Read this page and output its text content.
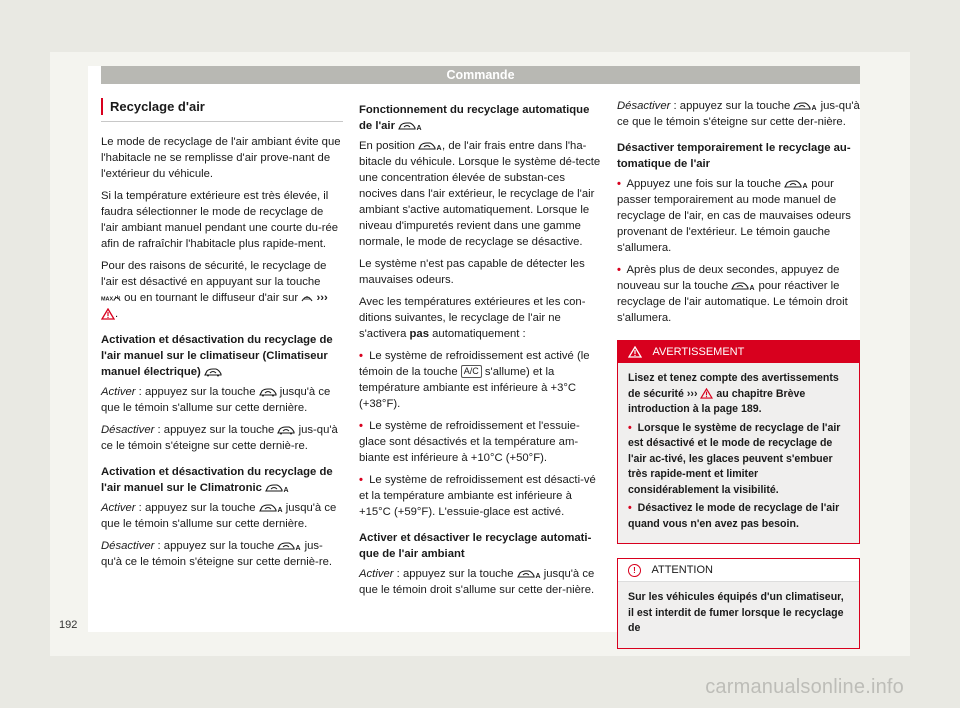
Commande
Recyclage d'air

Le mode de recyclage de l'air ambiant évite que l'habitacle ne se remplisse d'air prove-nant de l'extérieur du véhicule.

Si la température extérieure est très élevée, il faudra sélectionner le mode de recyclage de l'air ambiant manuel pendant une courte du-rée afin de rafraîchir l'habitacle plus rapide-ment.

Pour des raisons de sécurité, le recyclage de l'air est désactivé en appuyant sur la touche  ou en tournant le diffuseur d'air sur ››› .

Activation et désactivation du recyclage de l'air manuel sur le climatiseur (Climatiseur manuel électrique)

Activer : appuyez sur la touche jusqu'à ce que le témoin s'allume sur cette dernière.

Désactiver : appuyez sur la touche jus-qu'à ce le témoin s'éteigne sur cette derniè-re.

Activation et désactivation du recyclage de l'air manuel sur le Climatronic

Activer : appuyez sur la touche	jusqu'à ce que le témoin s'allume sur cette dernière.

Désactiver : appuyez sur la touche	jus-qu'à ce le témoin s'éteigne sur cette derniè-re.

Fonctionnement du recyclage automatique de l'air

En position , de l'air frais entre dans l'ha-bitacle du véhicule. Lorsque le système dé-tecte une concentration élevée de substan-ces nocives dans l'air extérieur, le recyclage de l'air ambiant s'active automatiquement. Lorsque le niveau d'impuretés revient dans une gamme normale, le mode de recyclage se désactive.

Le système n'est pas capable de détecter les mauvaises odeurs.

Avec les températures extérieures et les con-ditions suivantes, le recyclage de l'air ne s'activera pas automatiquement :

• Le système de refroidissement est activé (le témoin de la touche A/C s'allume) et la température ambiante est inférieure à +3°C (+38°F).

• Le système de refroidissement et l'essuie-glace sont désactivés et la température am-biante est inférieure à +10°C (+50°F).

• Le système de refroidissement est désacti-vé et la température ambiante est inférieure à +15°C (+59°F). L'essuie-glace est activé.

Activer et désactiver le recyclage automati-que de l'air ambiant

Activer : appuyez sur la touche	jusqu'à ce que le témoin droit s'allume sur cette der-nière.

Désactiver : appuyez sur la touche	jus-qu'à ce que le témoin s'éteigne sur cette der-nière.

Désactiver temporairement le recyclage au-tomatique de l'air

• Appuyez une fois sur la touche	pour passer temporairement au mode manuel de recyclage de l'air, en cas de mauvaises odeurs provenant de l'extérieur. Le témoin gauche s'allumera.

• Après plus de deux secondes, appuyez de nouveau sur la touche	pour réactiver le recyclage de l'air automatique. Le témoin droit s'allumera.

AVERTISSEMENT

Lisez et tenez compte des avertissements de sécurité ››› au chapitre Brève introduction à la page 189.

• Lorsque le système de recyclage de l'air est désactivé et le mode de recyclage de l'air ac-tivé, les glaces peuvent s'embuer très rapide-ment et limiter considérablement la visibilité.

• Désactivez le mode de recyclage de l'air quand vous n'en avez pas besoin.

! ATTENTION

Sur les véhicules équipés d'un climatiseur, il est interdit de fumer lorsque le recyclage de

192
carmanualsonline.info
